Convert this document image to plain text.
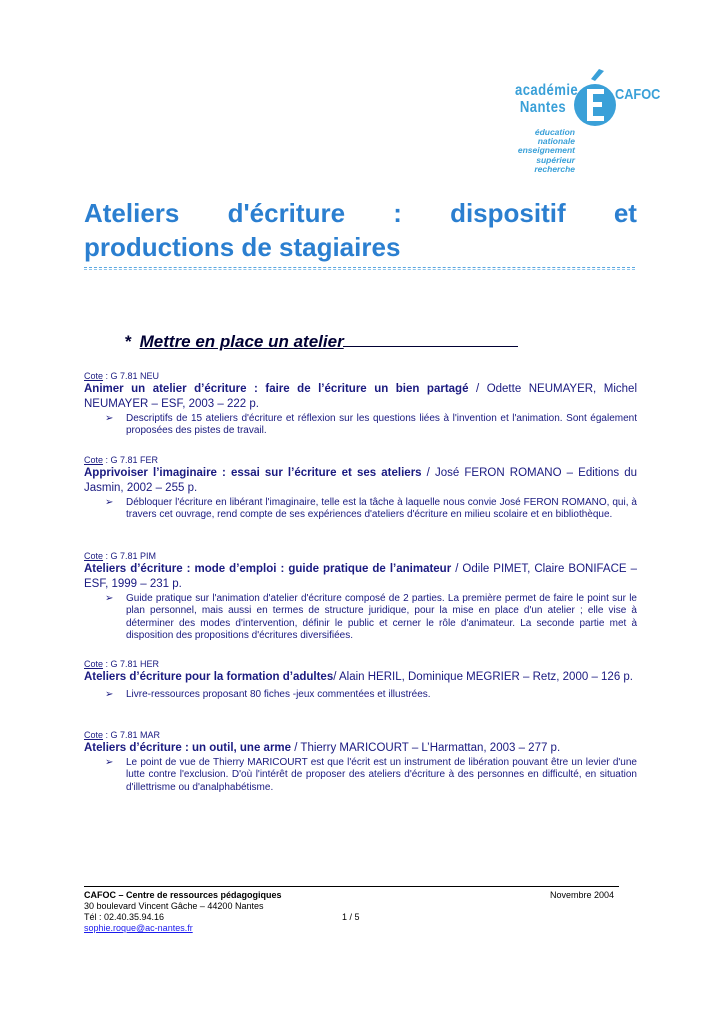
académie
Nantes
CAFOC
éducation
nationale
enseignement
supérieur
recherche
Ateliers d'écriture : dispositif et
productions de stagiaires
* Mettre en place un atelier
Cote : G 7.81 NEU
Animer un atelier d’écriture : faire de l’écriture un bien partagé / Odette NEUMAYER, Michel NEUMAYER – ESF, 2003 – 222 p.
➢ Descriptifs de 15 ateliers d'écriture et réflexion sur les questions liées à l'invention et l'animation. Sont également proposées des pistes de travail.
Cote : G 7.81 FER
Apprivoiser l’imaginaire : essai sur l’écriture et ses ateliers / José FERON ROMANO – Editions du Jasmin, 2002 – 255 p.
➢ Débloquer l'écriture en libérant l'imaginaire, telle est la tâche à laquelle nous convie José FERON ROMANO, qui, à travers cet ouvrage, rend compte de ses expériences d'ateliers d'écriture en milieu scolaire et en bibliothèque.
Cote : G 7.81 PIM
Ateliers d’écriture : mode d’emploi : guide pratique de l’animateur / Odile PIMET, Claire BONIFACE – ESF, 1999 – 231 p.
➢ Guide pratique sur l'animation d'atelier d'écriture composé de 2 parties. La première permet de faire le point sur le plan personnel, mais aussi en termes de structure juridique, pour la mise en place d'un atelier ; elle vise à déterminer des modes d'intervention, définir le public et cerner le rôle d'animateur. La seconde partie met à disposition des propositions d'écritures diversifiées.
Cote : G 7.81 HER
Ateliers d’écriture pour la formation d’adultes/ Alain HERIL, Dominique MEGRIER – Retz, 2000 – 126 p.
➢ Livre-ressources proposant 80 fiches -jeux commentées et illustrées.
Cote : G 7.81 MAR
Ateliers d’écriture : un outil, une arme / Thierry MARICOURT – L’Harmattan, 2003 – 277 p.
➢ Le point de vue de Thierry MARICOURT est que l'écrit est un instrument de libération pouvant être un levier d'une lutte contre l'exclusion. D'où l'intérêt de proposer des ateliers d'écriture à des personnes en difficulté, en situation d'illettrisme ou d'analphabétisme.
CAFOC – Centre de ressources pédagogiques	Novembre 2004
30 boulevard Vincent Gâche – 44200 Nantes
Tél : 02.40.35.94.16	1 / 5
sophie.roque@ac-nantes.fr
